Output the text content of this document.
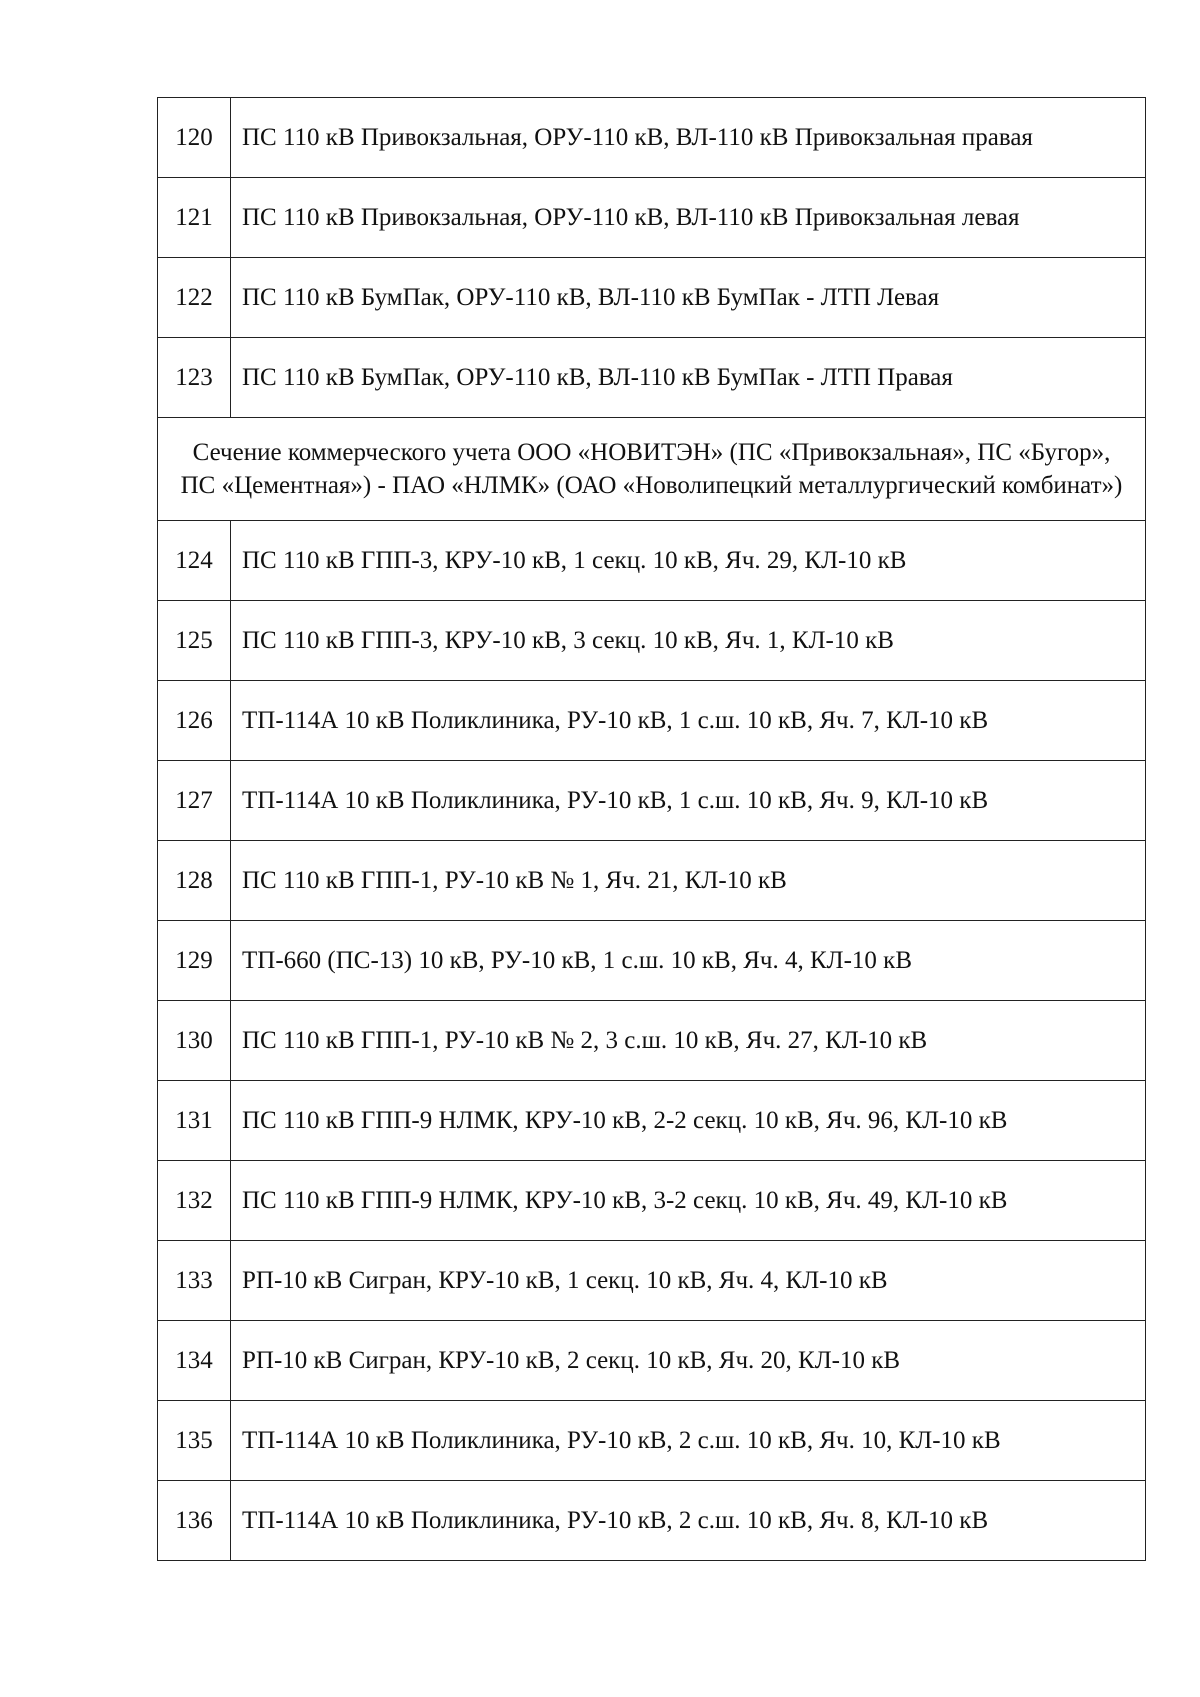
120	ПС 110 кВ Привокзальная, ОРУ-110 кВ, ВЛ-110 кВ Привокзальная правая
121	ПС 110 кВ Привокзальная, ОРУ-110 кВ, ВЛ-110 кВ Привокзальная левая
122	ПС 110 кВ БумПак, ОРУ-110 кВ, ВЛ-110 кВ БумПак - ЛТП Левая
123	ПС 110 кВ БумПак, ОРУ-110 кВ, ВЛ-110 кВ БумПак - ЛТП Правая
Сечение коммерческого учета ООО «НОВИТЭН» (ПС «Привокзальная», ПС «Бугор», ПС «Цементная») - ПАО «НЛМК» (ОАО «Новолипецкий металлургический комбинат»)	
124	ПС 110 кВ ГПП-3, КРУ-10 кВ, 1 секц. 10 кВ, Яч. 29, КЛ-10 кВ
125	ПС 110 кВ ГПП-3, КРУ-10 кВ, 3 секц. 10 кВ, Яч. 1, КЛ-10 кВ
126	ТП-114А 10 кВ Поликлиника, РУ-10 кВ, 1 с.ш. 10 кВ, Яч. 7, КЛ-10 кВ
127	ТП-114А 10 кВ Поликлиника, РУ-10 кВ, 1 с.ш. 10 кВ, Яч. 9, КЛ-10 кВ
128	ПС 110 кВ ГПП-1, РУ-10 кВ № 1, Яч. 21, КЛ-10 кВ
129	ТП-660 (ПС-13) 10 кВ, РУ-10 кВ, 1 с.ш. 10 кВ, Яч. 4, КЛ-10 кВ
130	ПС 110 кВ ГПП-1, РУ-10 кВ № 2, 3 с.ш. 10 кВ, Яч. 27, КЛ-10 кВ
131	ПС 110 кВ ГПП-9 НЛМК, КРУ-10 кВ, 2-2 секц. 10 кВ, Яч. 96, КЛ-10 кВ
132	ПС 110 кВ ГПП-9 НЛМК, КРУ-10 кВ, 3-2 секц. 10 кВ, Яч. 49, КЛ-10 кВ
133	РП-10 кВ Сигран, КРУ-10 кВ, 1 секц. 10 кВ, Яч. 4, КЛ-10 кВ
134	РП-10 кВ Сигран, КРУ-10 кВ, 2 секц. 10 кВ, Яч. 20, КЛ-10 кВ
135	ТП-114А 10 кВ Поликлиника, РУ-10 кВ, 2 с.ш. 10 кВ, Яч. 10, КЛ-10 кВ
136	ТП-114А 10 кВ Поликлиника, РУ-10 кВ, 2 с.ш. 10 кВ, Яч. 8, КЛ-10 кВ
